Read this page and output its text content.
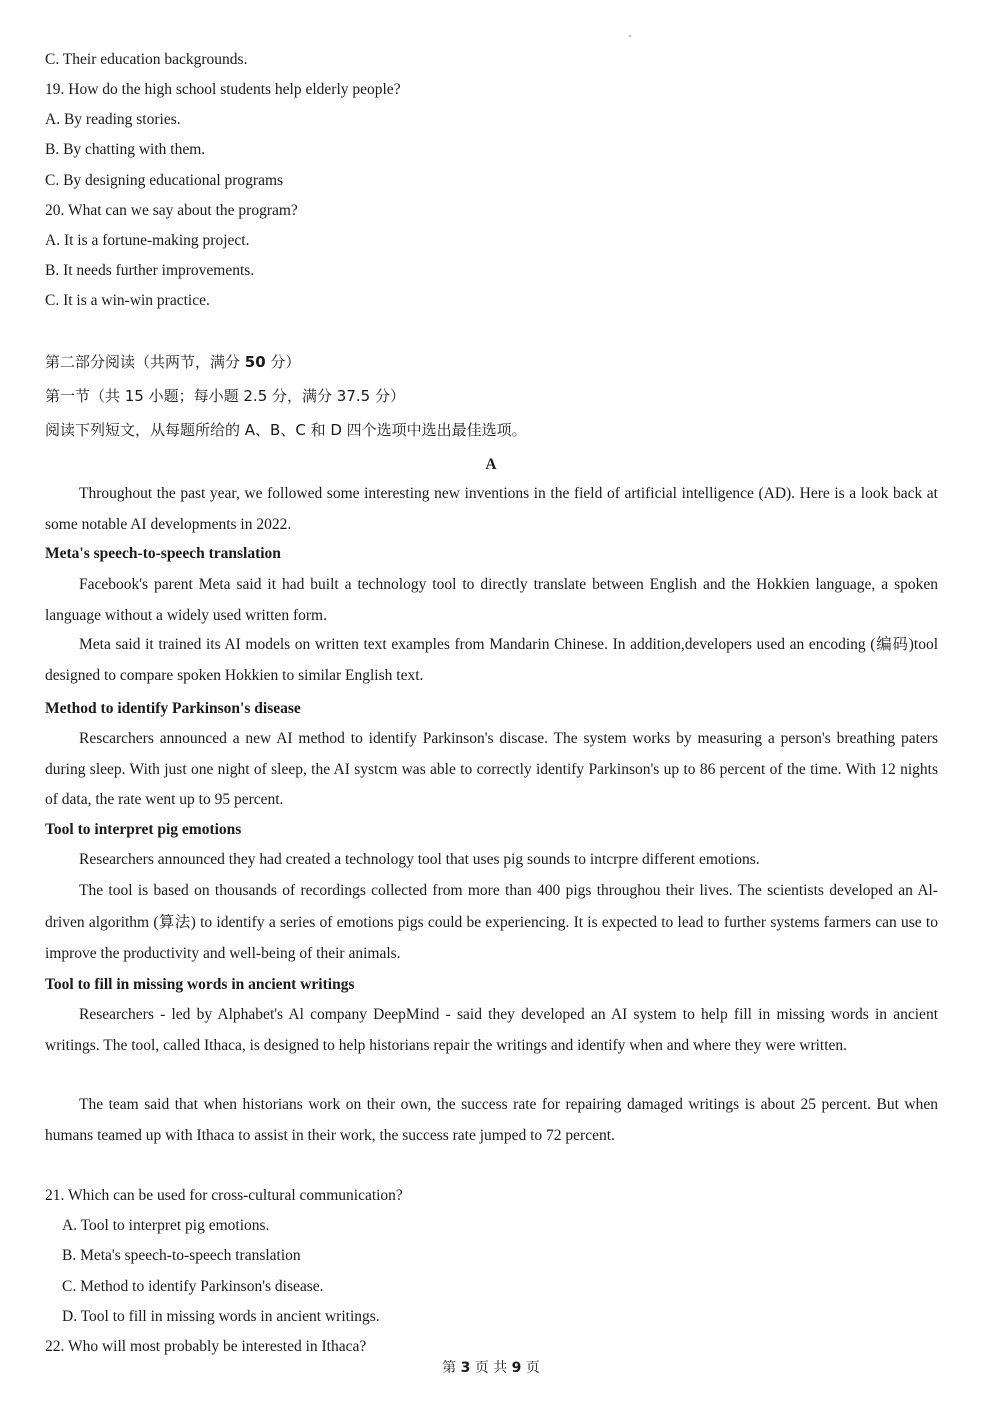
C. Their education backgrounds.
19. How do the high school students help elderly people?
A. By reading stories.
B. By chatting with them.
C. By designing educational programs
20. What can we say about the program?
A. It is a fortune-making project.
B. It needs further improvements.
C. It is a win-win practice.
第二部分阅读（共两节，满分 50 分）
第一节（共 15 小题；每小题 2.5 分，满分 37.5 分）
阅读下列短文，从每题所给的 A、B、C 和 D 四个选项中选出最佳选项。
A
Throughout the past year, we followed some interesting new inventions in the field of artificial intelligence (AD). Here is a look back at some notable AI developments in 2022.
Meta's speech-to-speech translation
Facebook's parent Meta said it had built a technology tool to directly translate between English and the Hokkien language, a spoken language without a widely used written form.
Meta said it trained its AI models on written text examples from Mandarin Chinese. In addition,developers used an encoding (编码)tool designed to compare spoken Hokkien to similar English text.
Method to identify Parkinson's disease
Rescarchers announced a new AI method to identify Parkinson's discase. The system works by measuring a person's breathing paters during sleep. With just one night of sleep, the AI systcm was able to correctly identify Parkinson's up to 86 percent of the time. With 12 nights of data, the rate went up to 95 percent.
Tool to interpret pig emotions
Researchers announced they had created a technology tool that uses pig sounds to intcrpre different emotions.
The tool is based on thousands of recordings collected from more than 400 pigs throughou their lives. The scientists developed an Al-driven algorithm (算法) to identify a series of emotions pigs could be experiencing. It is expected to lead to further systems farmers can use to improve the productivity and well-being of their animals.
Tool to fill in missing words in ancient writings
Researchers - led by Alphabet's Al company DeepMind - said they developed an AI system to help fill in missing words in ancient writings. The tool, called Ithaca, is designed to help historians repair the writings and identify when and where they were written.
The team said that when historians work on their own, the success rate for repairing damaged writings is about 25 percent. But when humans teamed up with Ithaca to assist in their work, the success rate jumped to 72 percent.
21. Which can be used for cross-cultural communication?
A. Tool to interpret pig emotions.
B. Meta's speech-to-speech translation
C. Method to identify Parkinson's disease.
D. Tool to fill in missing words in ancient writings.
22. Who will most probably be interested in Ithaca?
第 3 页 共 9 页
